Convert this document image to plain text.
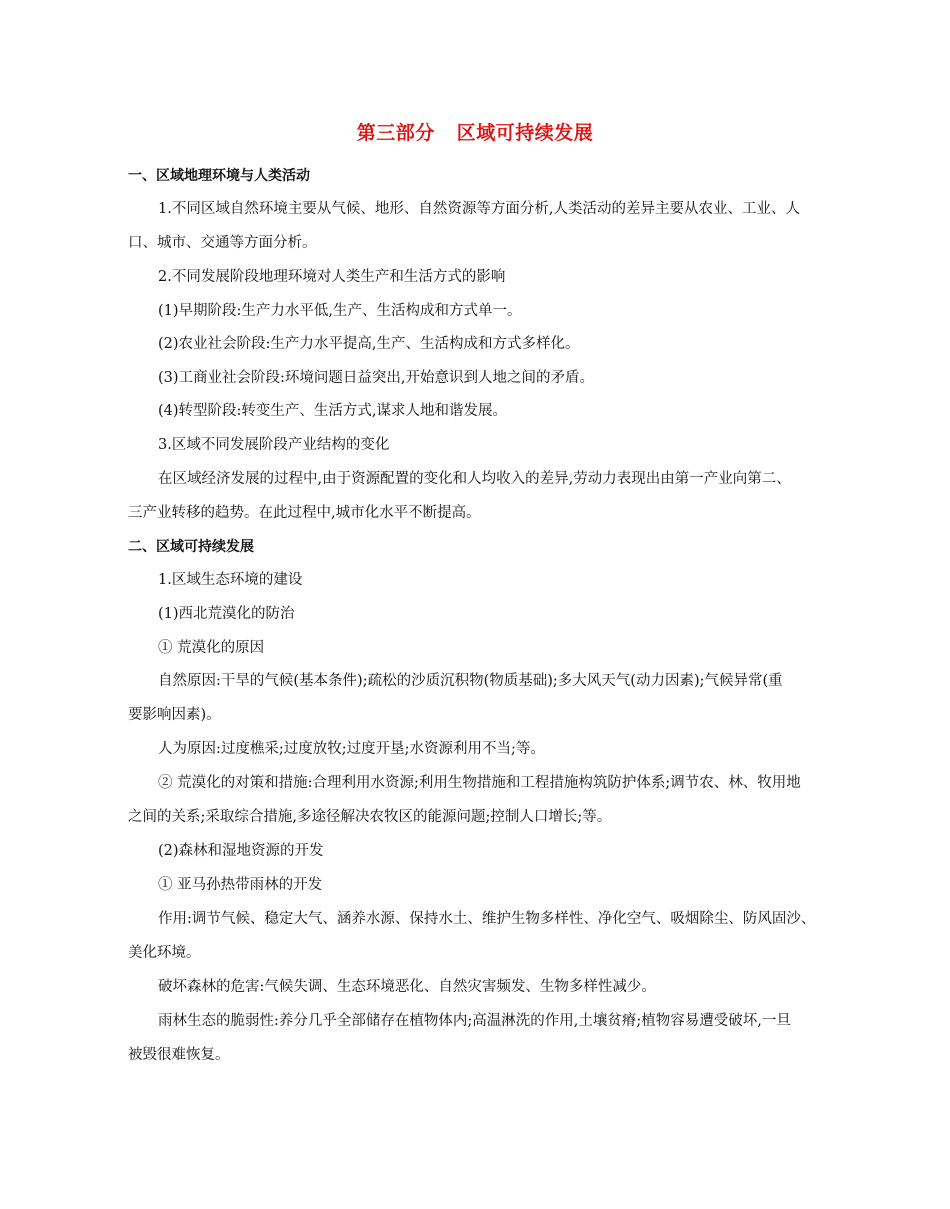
第三部分 区域可持续发展
一、区域地理环境与人类活动
1.不同区域自然环境主要从气候、地形、自然资源等方面分析,人类活动的差异主要从农业、工业、人
口、城市、交通等方面分析。
2.不同发展阶段地理环境对人类生产和生活方式的影响
(1)早期阶段:生产力水平低,生产、生活构成和方式单一。
(2)农业社会阶段:生产力水平提高,生产、生活构成和方式多样化。
(3)工商业社会阶段:环境问题日益突出,开始意识到人地之间的矛盾。
(4)转型阶段:转变生产、生活方式,谋求人地和谐发展。
3.区域不同发展阶段产业结构的变化
在区域经济发展的过程中,由于资源配置的变化和人均收入的差异,劳动力表现出由第一产业向第二、
三产业转移的趋势。在此过程中,城市化水平不断提高。
二、区域可持续发展
1.区域生态环境的建设
(1)西北荒漠化的防治
① 荒漠化的原因
自然原因:干旱的气候(基本条件);疏松的沙质沉积物(物质基础);多大风天气(动力因素);气候异常(重
要影响因素)。
人为原因:过度樵采;过度放牧;过度开垦;水资源利用不当;等。
② 荒漠化的对策和措施:合理利用水资源;利用生物措施和工程措施构筑防护体系;调节农、林、牧用地
之间的关系;采取综合措施,多途径解决农牧区的能源问题;控制人口增长;等。
(2)森林和湿地资源的开发
① 亚马孙热带雨林的开发
作用:调节气候、稳定大气、涵养水源、保持水土、维护生物多样性、净化空气、吸烟除尘、防风固沙、
美化环境。
破坏森林的危害:气候失调、生态环境恶化、自然灾害频发、生物多样性减少。
雨林生态的脆弱性:养分几乎全部储存在植物体内;高温淋洗的作用,土壤贫瘠;植物容易遭受破坏,一旦
被毁很难恢复。
